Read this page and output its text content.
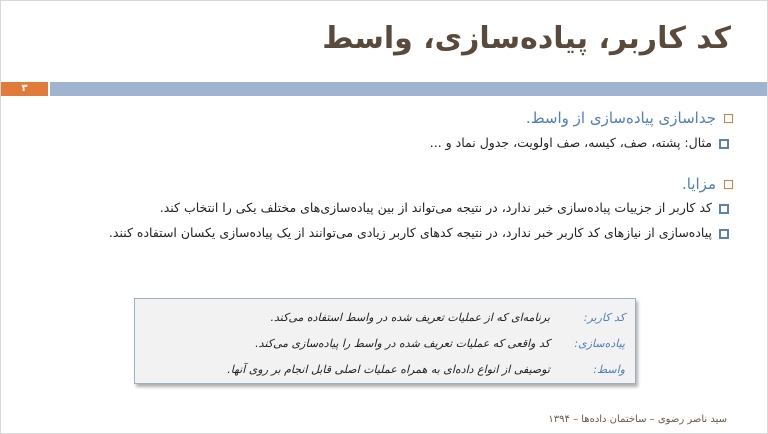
کد کاربر، پیاده‌سازی، واسط
۳
جداسازی پیاده‌سازی از واسط.
مثال: پشته، صف، کیسه، صف اولویت، جدول نماد و ...
مزایا.
کد کاربر از جزییات پیاده‌سازی خبر ندارد، در نتیجه می‌تواند از بین پیاده‌سازی‌های مختلف یکی را انتخاب کند.
پیاده‌سازی از نیازهای کد کاربر خبر ندارد، در نتیجه کدهای کاربر زیادی می‌توانند از یک پیاده‌سازی یکسان استفاده کنند.
کد کاربر:
برنامه‌ای که از عملیات تعریف شده در واسط استفاده می‌کند.
پیاده‌سازی:
کد واقعی که عملیات تعریف شده در واسط را پیاده‌سازی می‌کند.
واسط:
توصیفی از انواع داده‌ای به همراه عملیات اصلی قابل انجام بر روی آنها.
سید ناصر رضوی – ساختمان داده‌ها – ۱۳۹۴
